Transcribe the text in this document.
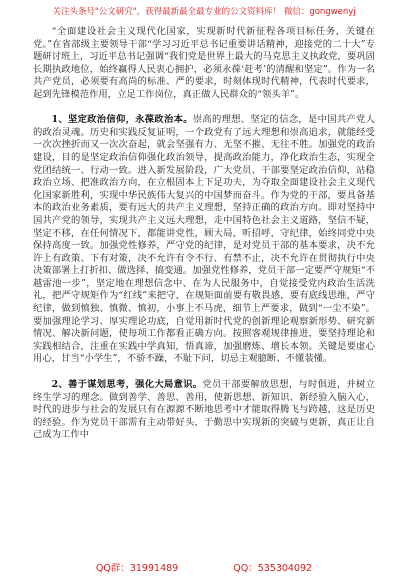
关注头条号"公文研究"，获得最新最全最专业的公文资料库！ 微信：gongwenyj

“全面建设社会主义现代化国家，实现新时代新征程各项目标任务，关键在党。”在省部级主要领导干部“学习习近平总书记重要讲话精神，迎接党的二十大”专题研讨班上，习近平总书记强调“我们党是世界上最大的马克思主义执政党，要巩固长期执政地位，始终赢得人民衷心拥护，必须永葆‘赶考’的清醒和坚定”。作为一名共产党员，必须要有高尚的标准、严的要求，时刻体现时代精神，代表时代要求，起到先锋模范作用，立足工作岗位，真正做人民群众的“领头羊”。

1、坚定政治信仰，永葆政治本。崇高的理想、坚定的信念，是中国共产党人的政治灵魂。历史和实践反复证明，一个政党有了远大理想和崇高追求，就能经受一次次挫折而又一次次奋起，就会坚强有力、无坚不摧、无往不胜。加强党的政治建设，目的是坚定政治信仰强化政治领导，提高政治能力，净化政治生态，实现全党团结统一、行动一致。进入新发展阶段，广大党员、干部要坚定政治信仰，站稳政治立场、把准政治方向，在立根固本上下足功夫，为夺取全面建设社会主义现代化国家新胜利，实现中华民族伟大复兴的中国梦而奋斗。作为党的干部，要具备基本的政治业务素质，要有远大的共产主义理想，坚持正确的政治方向。即对坚持中国共产党的领导，实现共产主义远大理想，走中国特色社会主义道路，坚信不疑，坚定不移，在任何情况下，都能讲党性，顾大局，听招呼，守纪律，始终同党中央保持高度一致。加强党性修养，严守党的纪律，是对党员干部的基本要求，决不允许上有政策、下有对策，决不允许有令不行、有禁不止，决不允许在贯彻执行中央决策部署上打折扣、做选择、搞变通。加强党性修养，党员干部一定要严守规矩“不越雷池一步”，坚定地在理想信念中、在为人民服务中，自觉接受党内政治生活洗礼，把严守规矩作为“红线”来把守，在规矩面前要有敬畏感，要有底线思维，严守纪律，做到慎独、慎微、慎初，小事上不马虎，细节上严要求，做到“一尘不染”。要加强理论学习、厚实理论功底，自觉用新时代党的创新理论观察新形势、研究新情况、解决新问题，使每项工作都看正确方向。按照客观规律推进，要坚持理论和实践相结合，注重在实践中学真知，悟真谛，加强磨炼、增长本领。关键是要虚心用心，甘当“小学生”，不骄不躁，不耻下问，切忌主观臆断、不懂装懂。

2、善于谋划思考，强化大局意识。党员干部要解放思想，与时俱进，并树立终生学习的理念。做到善学、善思、善用，使新思想、新知识、新经验入脑入心，时代的进步与社会的发展只有在源源不断地思考中才能取得腾飞与跨越，这是历史的经验。作为党员干部需有主动带好头，于勤思中实现新的突破与更新，真正让自己成为工作中

QQ群：31991489	QQ：535304092
